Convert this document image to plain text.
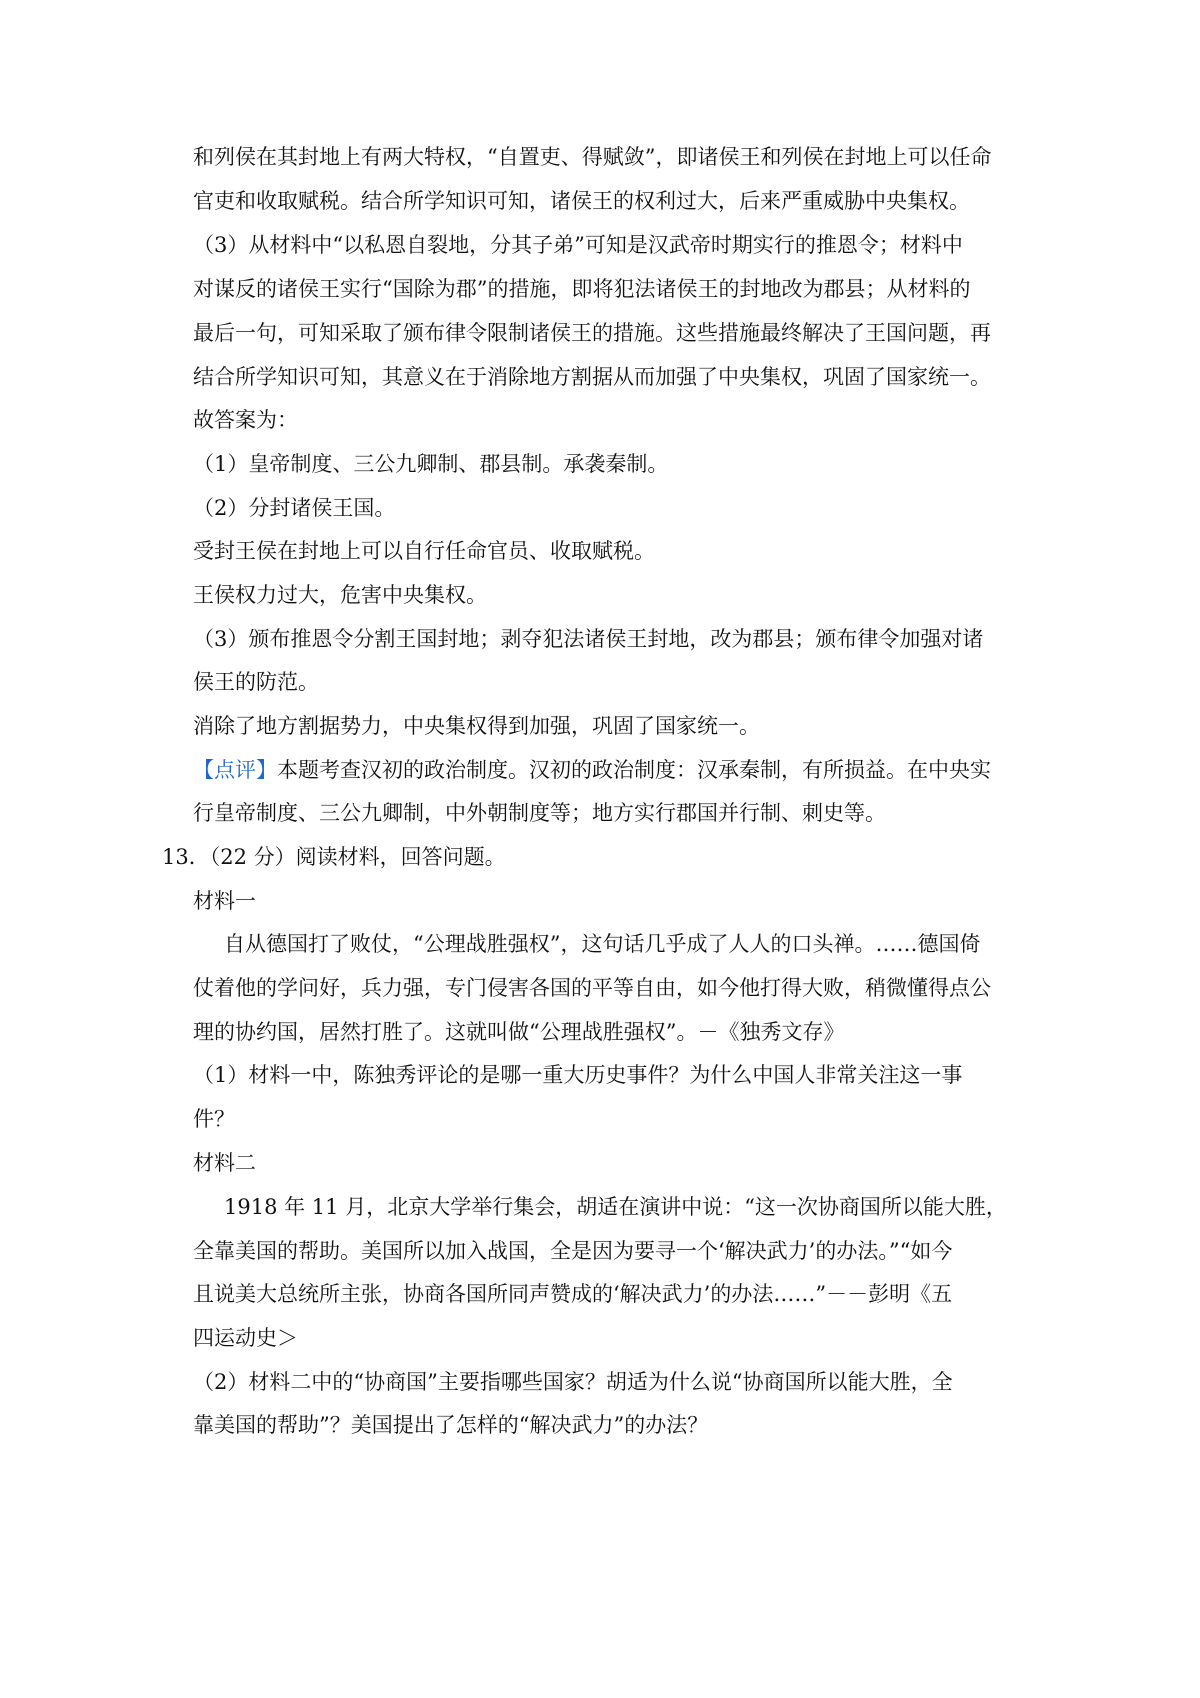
和列侯在其封地上有两大特权，“自置吏、得赋敛”，即诸侯王和列侯在封地上可以任命
官吏和收取赋税。结合所学知识可知，诸侯王的权利过大，后来严重威胁中央集权。
（3）从材料中“以私恩自裂地，分其子弟”可知是汉武帝时期实行的推恩令；材料中
对谋反的诸侯王实行“国除为郡”的措施，即将犯法诸侯王的封地改为郡县；从材料的
最后一句，可知采取了颁布律令限制诸侯王的措施。这些措施最终解决了王国问题，再
结合所学知识可知，其意义在于消除地方割据从而加强了中央集权，巩固了国家统一。
故答案为：
（1）皇帝制度、三公九卿制、郡县制。承袭秦制。
（2）分封诸侯王国。
受封王侯在封地上可以自行任命官员、收取赋税。
王侯权力过大，危害中央集权。
（3）颁布推恩令分割王国封地；剥夺犯法诸侯王封地，改为郡县；颁布律令加强对诸
侯王的防范。
消除了地方割据势力，中央集权得到加强，巩固了国家统一。
【点评】 本题考查汉初的政治制度。汉初的政治制度：汉承秦制，有所损益。在中央实
行皇帝制度、三公九卿制，中外朝制度等；地方实行郡国并行制、刺史等。
13．（22 分）阅读材料，回答问题。
材料一
自从德国打了败仗，“公理战胜强权”，这句话几乎成了人人的口头禅。……德国倚
仗着他的学问好，兵力强，专门侵害各国的平等自由，如今他打得大败，稍微懂得点公
理的协约国，居然打胜了。这就叫做“公理战胜强权”。－《独秀文存》
（1）材料一中，陈独秀评论的是哪一重大历史事件？为什么中国人非常关注这一事
件？
材料二
1918 年 11 月，北京大学举行集会，胡适在演讲中说：“这一次协商国所以能大胜，
全靠美国的帮助。美国所以加入战国，全是因为要寻一个‘解决武力’的办法。”“如今
且说美大总统所主张，协商各国所同声赞成的‘解决武力’的办法……”－－彭明《五
四运动史＞
（2）材料二中的“协商国”主要指哪些国家？胡适为什么说“协商国所以能大胜，全
靠美国的帮助”？美国提出了怎样的“解决武力”的办法？
